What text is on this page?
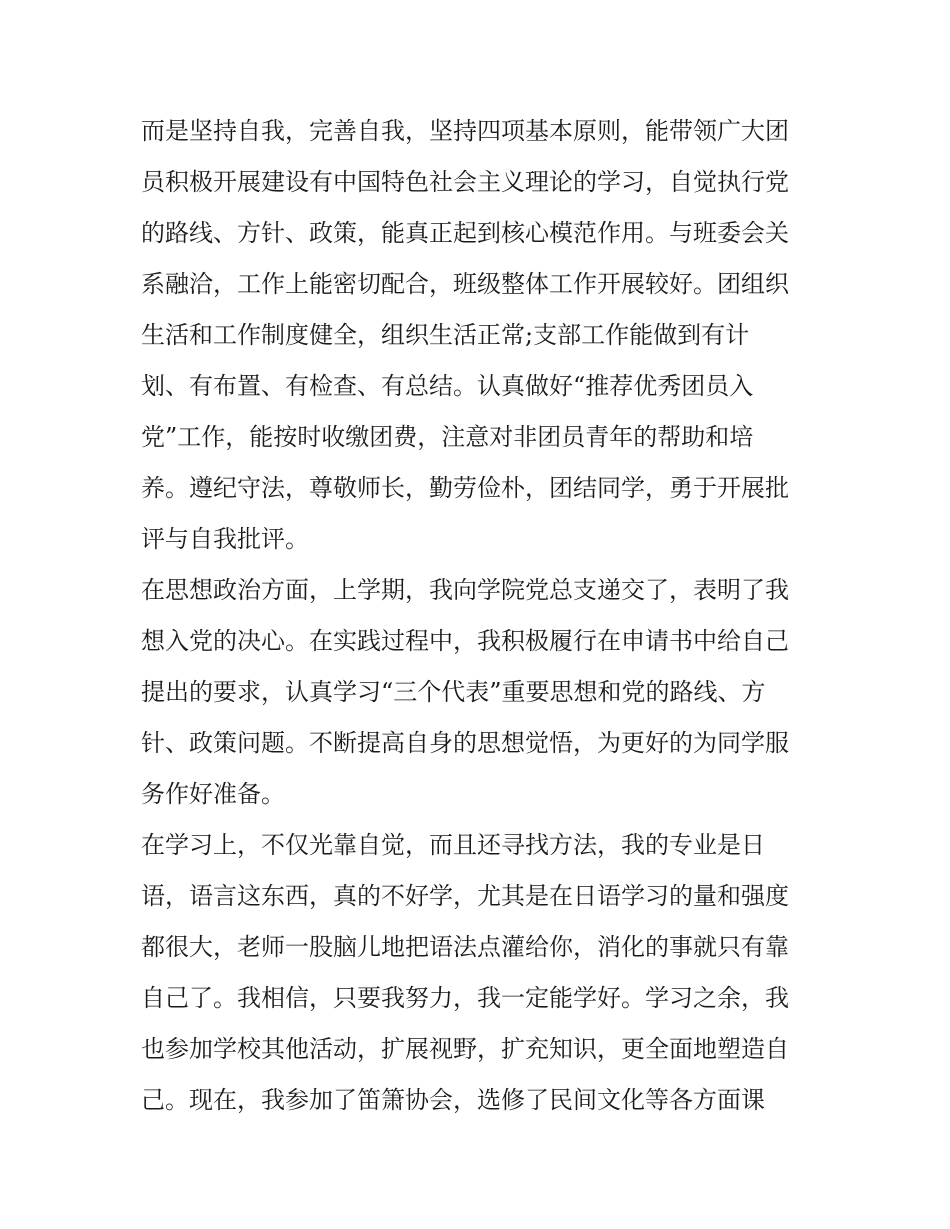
而是坚持自我，完善自我，坚持四项基本原则，能带领广大团
员积极开展建设有中国特色社会主义理论的学习，自觉执行党
的路线、方针、政策，能真正起到核心模范作用。与班委会关
系融洽，工作上能密切配合，班级整体工作开展较好。团组织
生活和工作制度健全，组织生活正常;支部工作能做到有计
划、有布置、有检查、有总结。认真做好“推荐优秀团员入
党”工作，能按时收缴团费，注意对非团员青年的帮助和培
养。遵纪守法，尊敬师长，勤劳俭朴，团结同学，勇于开展批
评与自我批评。
在思想政治方面，上学期，我向学院党总支递交了，表明了我
想入党的决心。在实践过程中，我积极履行在申请书中给自己
提出的要求，认真学习“三个代表”重要思想和党的路线、方
针、政策问题。不断提高自身的思想觉悟，为更好的为同学服
务作好准备。
在学习上，不仅光靠自觉，而且还寻找方法，我的专业是日
语，语言这东西，真的不好学，尤其是在日语学习的量和强度
都很大，老师一股脑儿地把语法点灌给你，消化的事就只有靠
自己了。我相信，只要我努力，我一定能学好。学习之余，我
也参加学校其他活动，扩展视野，扩充知识，更全面地塑造自
己。现在，我参加了笛箫协会，选修了民间文化等各方面课
